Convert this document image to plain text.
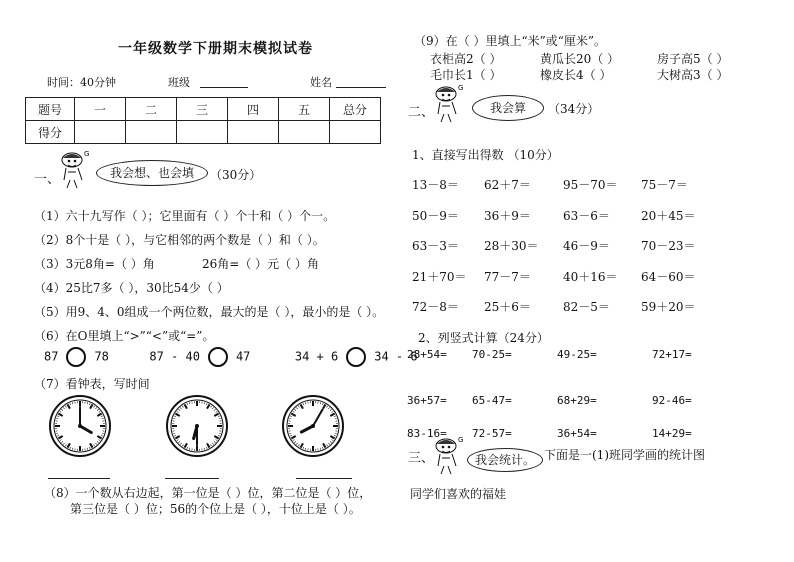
一年级数学下册期末模拟试卷
时间：40分钟	班级	姓名
题号	一	二	三	四	五	总分
得分						
一、	我会想、也会填	（30分）
（1）六十九写作（ ）；它里面有（ ）个十和（ ）个一。
（2）8个十是（ ），与它相邻的两个数是（ ）和（ ）。
（3）3元8角=（ ）角	26角=（ ）元（ ）角
（4）25比7多（ ），30比54少（ ）
（5）用9、4、0组成一个两位数，最大的是（ ），最小的是（ ）。
（6）在O里填上“>”“<”或“=”。
87	78	87 - 40	47	34 + 6	34 - 6
（7）看钟表，写时间
（8）一个数从右边起，第一位是（ ）位，第二位是（ ）位，
第三位是（ ）位；56的个位上是（ ），十位上是（ ）。
（9）在（ ）里填上“米”或“厘米”。
衣柜高2（ ）	黄瓜长20（ ）	房子高5（ ）
毛巾长1（ ）	橡皮长4（ ）	大树高3（ ）
二、	我会算	（34分）
1、直接写出得数 （10分）
13－8＝ 62＋7＝	95－70＝ 75－7＝
50－9＝ 36＋9＝	63－6＝	20＋45＝
63－3＝ 28＋30＝ 46－9＝	70－23＝
21＋70＝ 77－7＝	40＋16＝ 64－60＝
72－8＝ 25＋6＝	82－5＝	59＋20＝
2、列竖式计算（24分）
28+54= 70-25=	49-25=	72+17=
36+57= 65-47=	68+29=	92-46=
83-16= 72-57=	36+54=	14+29=
三、	我会统计。 下面是一(1)班同学画的统计图
同学们喜欢的福娃
